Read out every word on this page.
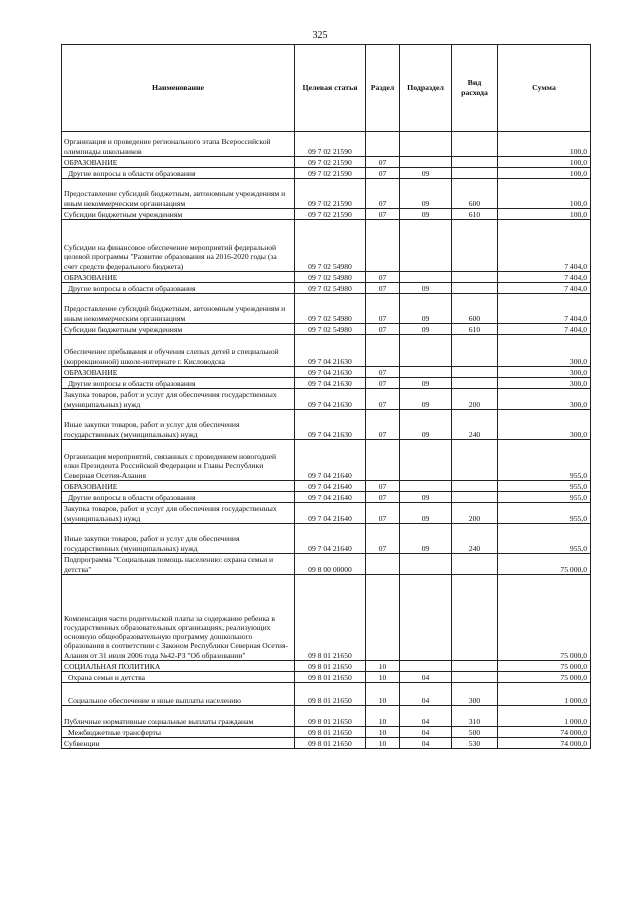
325
Наименование	Целевая статья	Раздел	Подраздел	Вид расхода	Сумма
Организация и проведение регионального этапа Всероссийской олимпиады школьников	09 7 02 21590				100,0
ОБРАЗОВАНИЕ	09 7 02 21590	07			100,0
Другие вопросы в области образования	09 7 02 21590	07	09		100,0
Предоставление субсидий бюджетным, автономным учреждениям и иным некоммерческим организациям	09 7 02 21590	07	09	600	100,0
Субсидии бюджетным учреждениям	09 7 02 21590	07	09	610	100,0
Субсидии на финансовое обеспечение мероприятий федеральной целевой программы "Развитие образования на 2016-2020 годы (за счет средств федерального бюджета)	09 7 02 54980				7 404,0
ОБРАЗОВАНИЕ	09 7 02 54980	07			7 404,0
Другие вопросы в области образования	09 7 02 54980	07	09		7 404,0
Предоставление субсидий бюджетным, автономным учреждениям и иным некоммерческим организациям	09 7 02 54980	07	09	600	7 404,0
Субсидии бюджетным учреждениям	09 7 02 54980	07	09	610	7 404,0
Обеспечение пребывания и обучения слепых детей в специальной (коррекционной) школе-интернате г. Кисловодска	09 7 04 21630				300,0
ОБРАЗОВАНИЕ	09 7 04 21630	07			300,0
Другие вопросы в области образования	09 7 04 21630	07	09		300,0
Закупка товаров, работ и услуг для обеспечения государственных (муниципальных) нужд	09 7 04 21630	07	09	200	300,0
Иные закупки товаров, работ и услуг для обеспечения государственных (муниципальных) нужд	09 7 04 21630	07	09	240	300,0
Организация мероприятий, связанных с проведением новогодней елки Президента Российской Федерации и Главы Республики Северная Осетия-Алания	09 7 04 21640				955,0
ОБРАЗОВАНИЕ	09 7 04 21640	07			955,0
Другие вопросы в области образования	09 7 04 21640	07	09		955,0
Закупка товаров, работ и услуг для обеспечения государственных (муниципальных) нужд	09 7 04 21640	07	09	200	955,0
Иные закупки товаров, работ и услуг для обеспечения государственных (муниципальных) нужд	09 7 04 21640	07	09	240	955,0
Подпрограмма "Социальная помощь населению: охрана семьи и детства"	09 8 00 00000				75 000,0
Компенсация части родительской платы за содержание ребенка в государственных образовательных организациях, реализующих основную общеобразовательную программу дошкольного образования в соответствии с Законом Республики Северная Осетия-Алания от 31 июля 2006 года №42-РЗ "Об образовании"	09 8 01 21650				75 000,0
СОЦИАЛЬНАЯ ПОЛИТИКА	09 8 01 21650	10			75 000,0
Охрана семьи и детства	09 8 01 21650	10	04		75 000,0
Социальное обеспечение и иные выплаты населению	09 8 01 21650	10	04	300	1 000,0
Публичные нормативные социальные выплаты гражданам	09 8 01 21650	10	04	310	1 000,0
Межбюджетные трансферты	09 8 01 21650	10	04	500	74 000,0
Субвенции	09 8 01 21650	10	04	530	74 000,0
